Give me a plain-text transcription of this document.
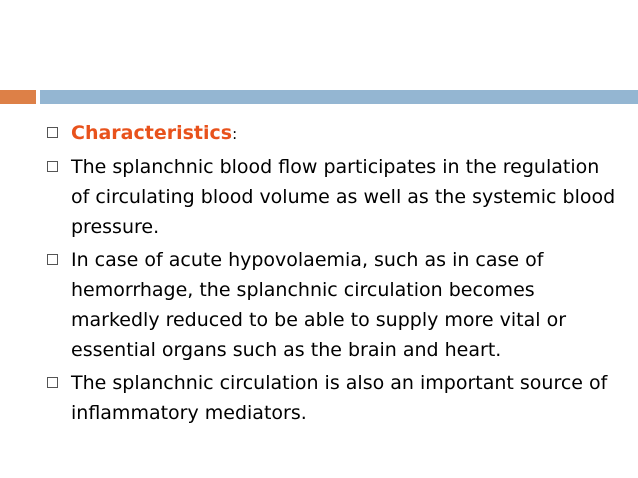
Characteristics:
The splanchnic blood flow participates in the regulation of circulating blood volume as well as the systemic blood pressure.
In case of acute hypovolaemia, such as in case of hemorrhage, the splanchnic circulation becomes markedly reduced to be able to supply more vital or essential organs such as the brain and heart.
The splanchnic circulation is also an important source of inflammatory mediators.
